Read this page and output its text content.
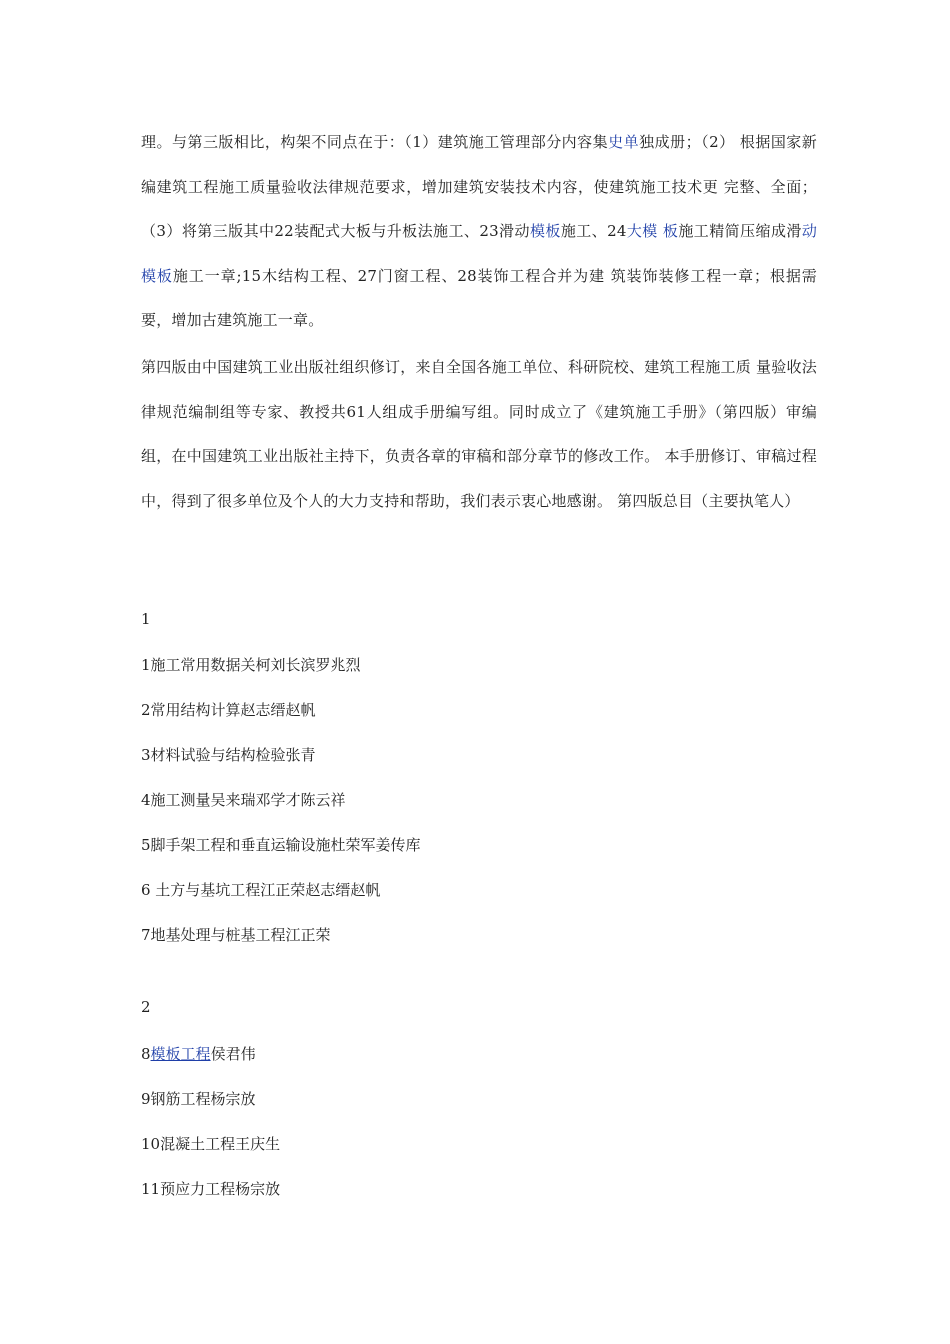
理。与第三版相比，构架不同点在于：（1）建筑施工管理部分内容集史单独成册；（2） 根据国家新编建筑工程施工质量验收法律规范要求，增加建筑安装技术内容，使建筑施工技术更 完整、全面；（3）将第三版其中22装配式大板与升板法施工、23滑动模板施工、24大模 板施工精简压缩成滑动模板施工一章;15木结构工程、27门窗工程、28装饰工程合并为建 筑装饰装修工程一章；根据需要，增加古建筑施工一章。

第四版由中国建筑工业出版社组织修订，来自全国各施工单位、科研院校、建筑工程施工质 量验收法律规范编制组等专家、教授共61人组成手册编写组。同时成立了《建筑施工手册》（第四版）审编组，在中国建筑工业出版社主持下，负责各章的审稿和部分章节的修改工作。 本手册修订、审稿过程中，得到了很多单位及个人的大力支持和帮助，我们表示衷心地感谢。 第四版总目（主要执笔人）

1

1施工常用数据关柯刘长滨罗兆烈

2常用结构计算赵志缙赵帆

3材料试验与结构检验张青

4施工测量吴来瑞邓学才陈云祥

5脚手架工程和垂直运输设施杜荣军姜传库

6 土方与基坑工程江正荣赵志缙赵帆

7地基处理与桩基工程江正荣

2

8模板工程侯君伟

9钢筋工程杨宗放

10混凝土工程王庆生

11预应力工程杨宗放
